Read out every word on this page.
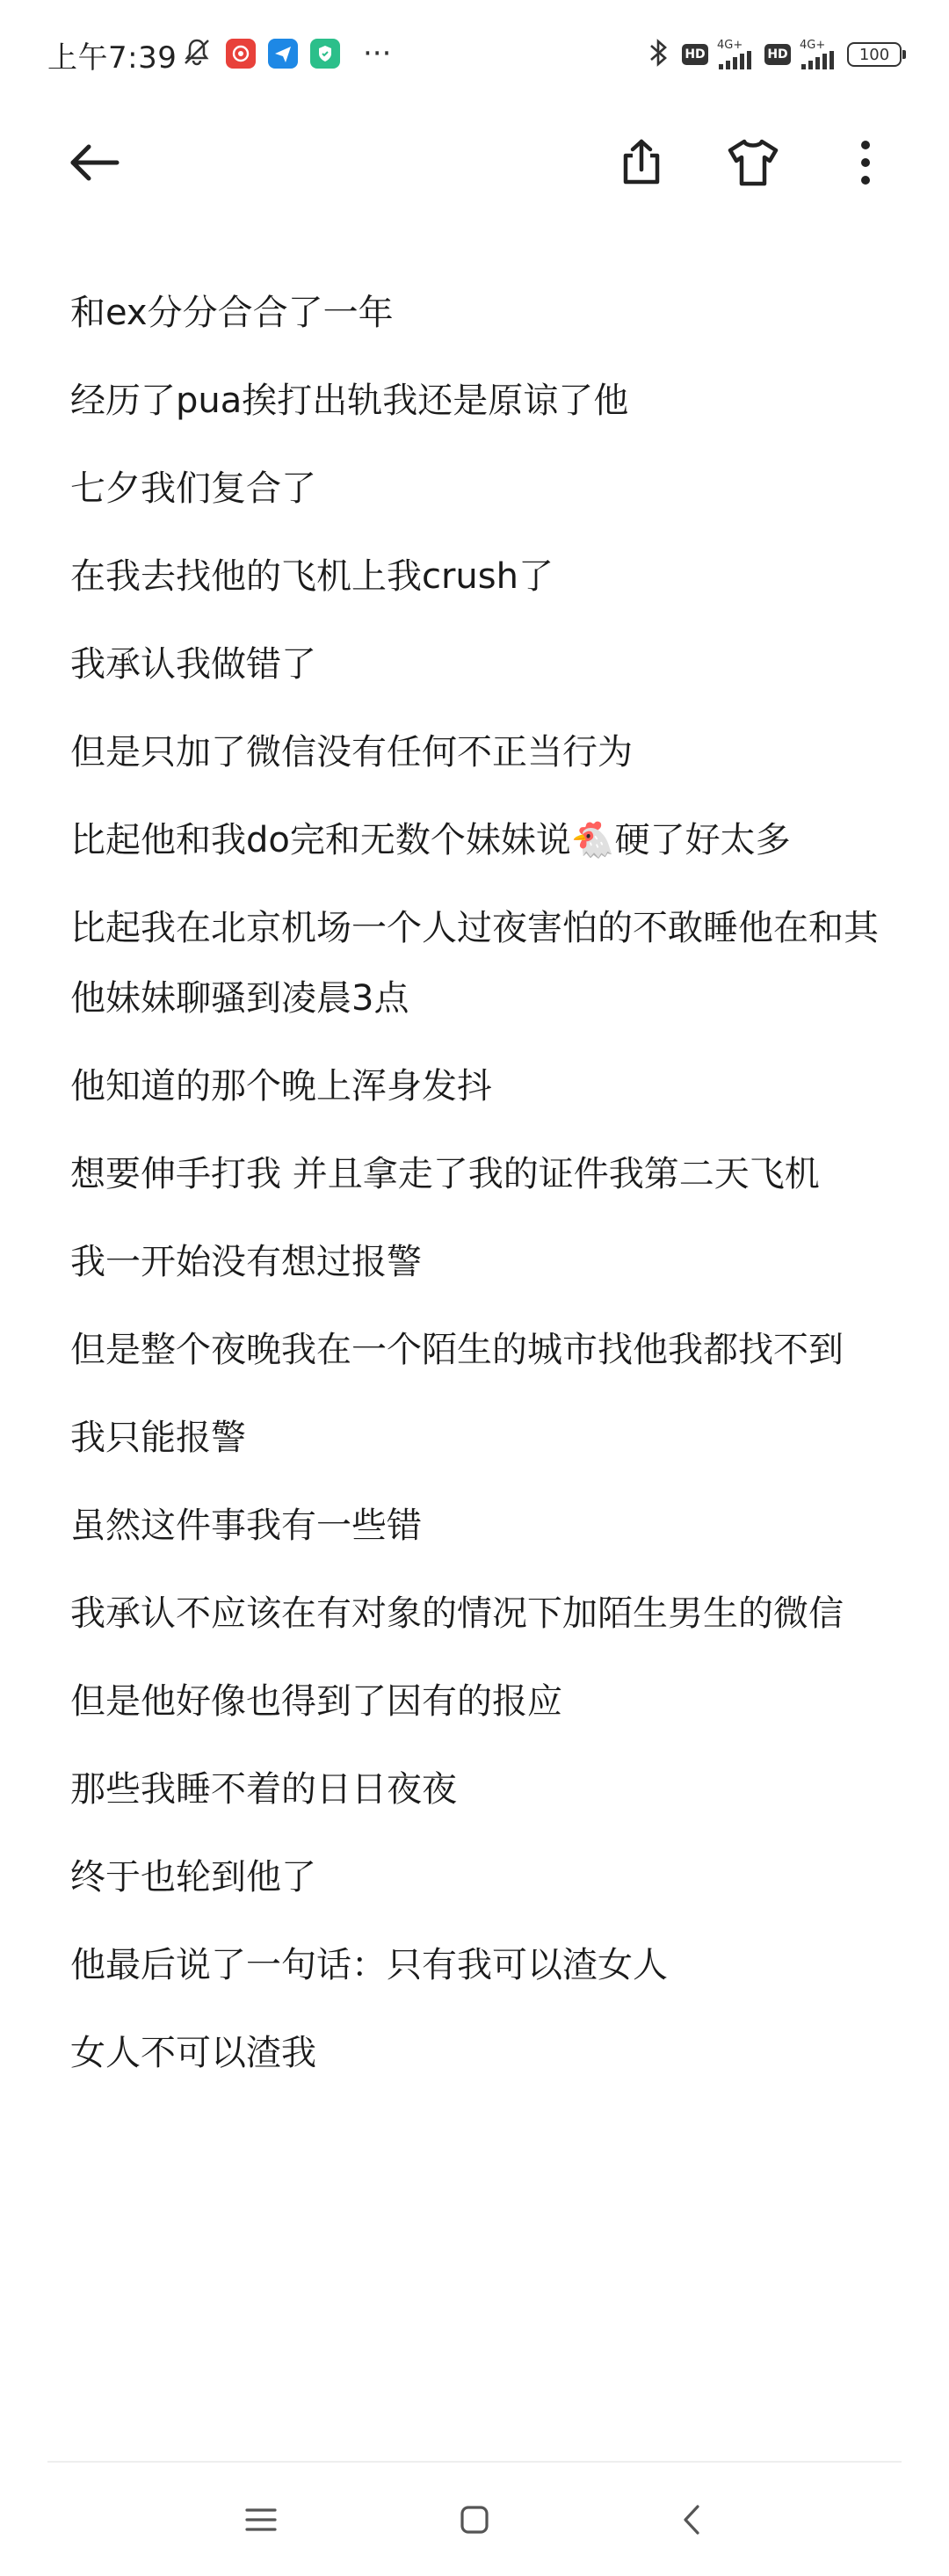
上午7:39	···	HD
4G+
HD
4G+
100
和ex分分合合了一年
经历了pua挨打出轨我还是原谅了他
七夕我们复合了
在我去找他的飞机上我crush了
我承认我做错了
但是只加了微信没有任何不正当行为
比起他和我do完和无数个妹妹说🐔硬了好太多
比起我在北京机场一个人过夜害怕的不敢睡他在和其他妹妹聊骚到凌晨3点
他知道的那个晚上浑身发抖
想要伸手打我 并且拿走了我的证件我第二天飞机
我一开始没有想过报警
但是整个夜晚我在一个陌生的城市找他我都找不到
我只能报警
虽然这件事我有一些错
我承认不应该在有对象的情况下加陌生男生的微信
但是他好像也得到了因有的报应
那些我睡不着的日日夜夜
终于也轮到他了
他最后说了一句话：只有我可以渣女人
女人不可以渣我
